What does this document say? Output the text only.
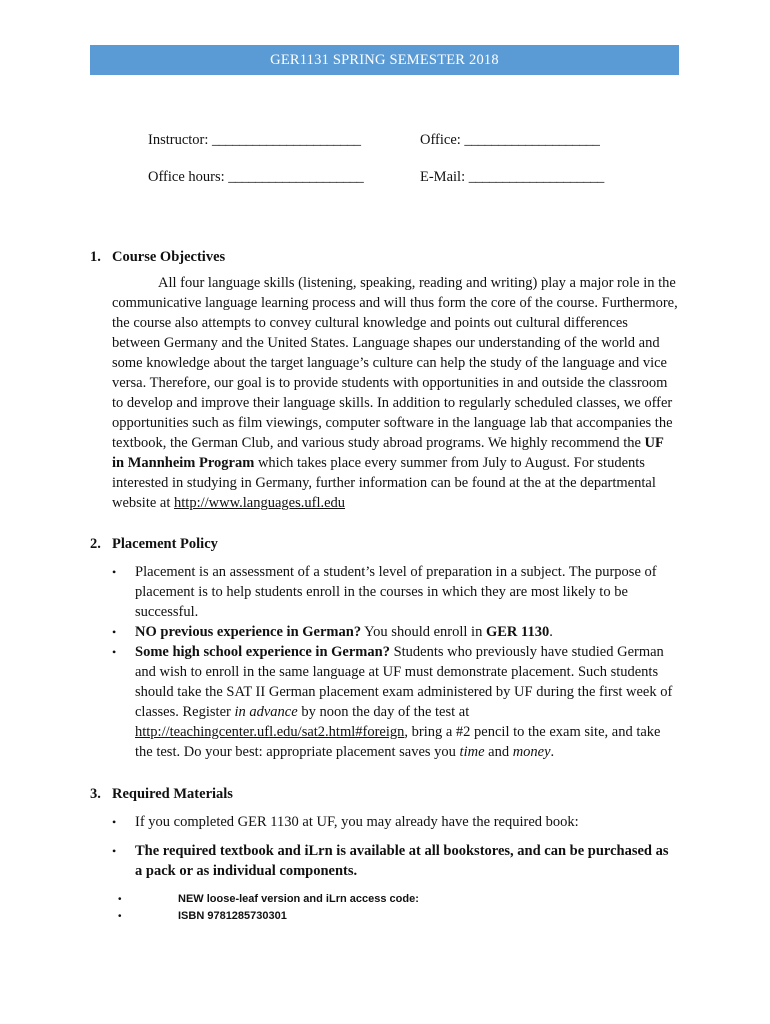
GER1131 SPRING SEMESTER 2018
Instructor: ______________________	Office: ____________________
Office hours: ____________________	E-Mail: ____________________
1. Course Objectives
All four language skills (listening, speaking, reading and writing) play a major role in the communicative language learning process and will thus form the core of the course. Furthermore, the course also attempts to convey cultural knowledge and points out cultural differences between Germany and the United States. Language shapes our understanding of the world and some knowledge about the target language’s culture can help the study of the language and vice versa. Therefore, our goal is to provide students with opportunities in and outside the classroom to develop and improve their language skills. In addition to regularly scheduled classes, we offer opportunities such as film viewings, computer software in the language lab that accompanies the textbook, the German Club, and various study abroad programs. We highly recommend the UF in Mannheim Program which takes place every summer from July to August. For students interested in studying in Germany, further information can be found at the at the departmental website at http://www.languages.ufl.edu
2. Placement Policy
•	Placement is an assessment of a student’s level of preparation in a subject. The purpose of placement is to help students enroll in the courses in which they are most likely to be successful.
•	NO previous experience in German? You should enroll in GER 1130.
•	Some high school experience in German? Students who previously have studied German and wish to enroll in the same language at UF must demonstrate placement. Such students should take the SAT II German placement exam administered by UF during the first week of classes. Register in advance by noon the day of the test at http://teachingcenter.ufl.edu/sat2.html#foreign, bring a #2 pencil to the exam site, and take the test. Do your best: appropriate placement saves you time and money.
3. Required Materials
•	If you completed GER 1130 at UF, you may already have the required book:
•	The required textbook and iLrn is available at all bookstores, and can be purchased as a pack or as individual components.
•	NEW loose-leaf version and iLrn access code:
•	ISBN 9781285730301
